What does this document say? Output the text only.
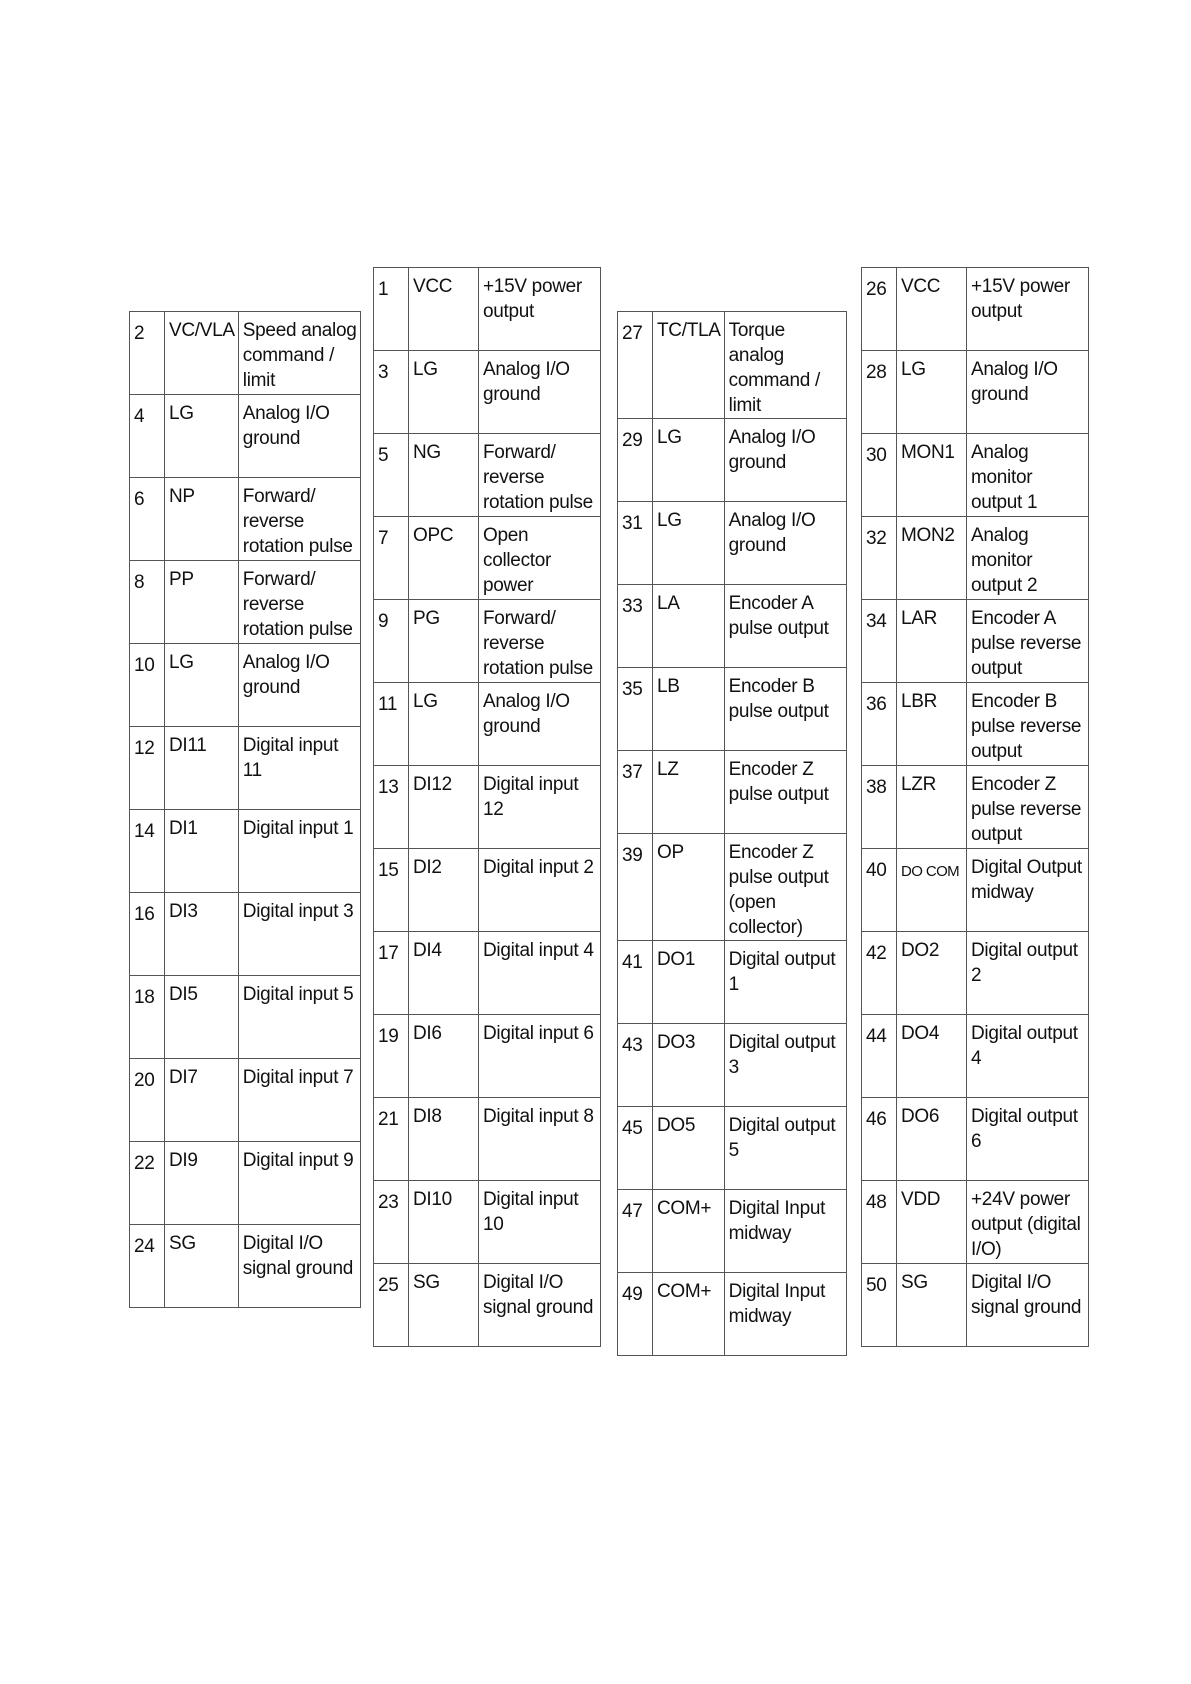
2	VC/VLA	Speed analog command / limit

4	LG	Analog I/O ground

6	NP	Forward/ reverse rotation pulse

8	PP	Forward/ reverse rotation pulse

10	LG	Analog I/O ground

12	DI11	Digital input 11

14	DI1	Digital input 1

16	DI3	Digital input 3

18	DI5	Digital input 5

20	DI7	Digital input 7

22	DI9	Digital input 9

24	SG	Digital I/O signal ground
1	VCC	+15V power output

3	LG	Analog I/O ground

5	NG	Forward/ reverse rotation pulse

7	OPC	Open collector power

9	PG	Forward/ reverse rotation pulse

11	LG	Analog I/O ground

13	DI12	Digital input 12

15	DI2	Digital input 2

17	DI4	Digital input 4

19	DI6	Digital input 6

21	DI8	Digital input 8

23	DI10	Digital input 10

25	SG	Digital I/O signal ground
27	TC/TLA	Torque analog command / limit

29	LG	Analog I/O ground

31	LG	Analog I/O ground

33	LA	Encoder A pulse output

35	LB	Encoder B pulse output

37	LZ	Encoder Z pulse output

39	OP	Encoder Z pulse output
(open collector)

41	DO1	Digital output 1

43	DO3	Digital output 3

45	DO5	Digital output 5

47	COM+	Digital Input midway

49	COM+	Digital Input midway
26	VCC	+15V power output

28	LG	Analog I/O ground

30	MON1	Analog monitor output 1

32	MON2	Analog monitor output 2

34	LAR	Encoder A pulse reverse output

36	LBR	Encoder B pulse reverse output

38	LZR	Encoder Z pulse reverse output

40	DO COM	Digital Output midway

42	DO2	Digital output 2

44	DO4	Digital output 4

46	DO6	Digital output 6

48	VDD	+24V power output (digital I/O)

50	SG	Digital I/O signal ground
